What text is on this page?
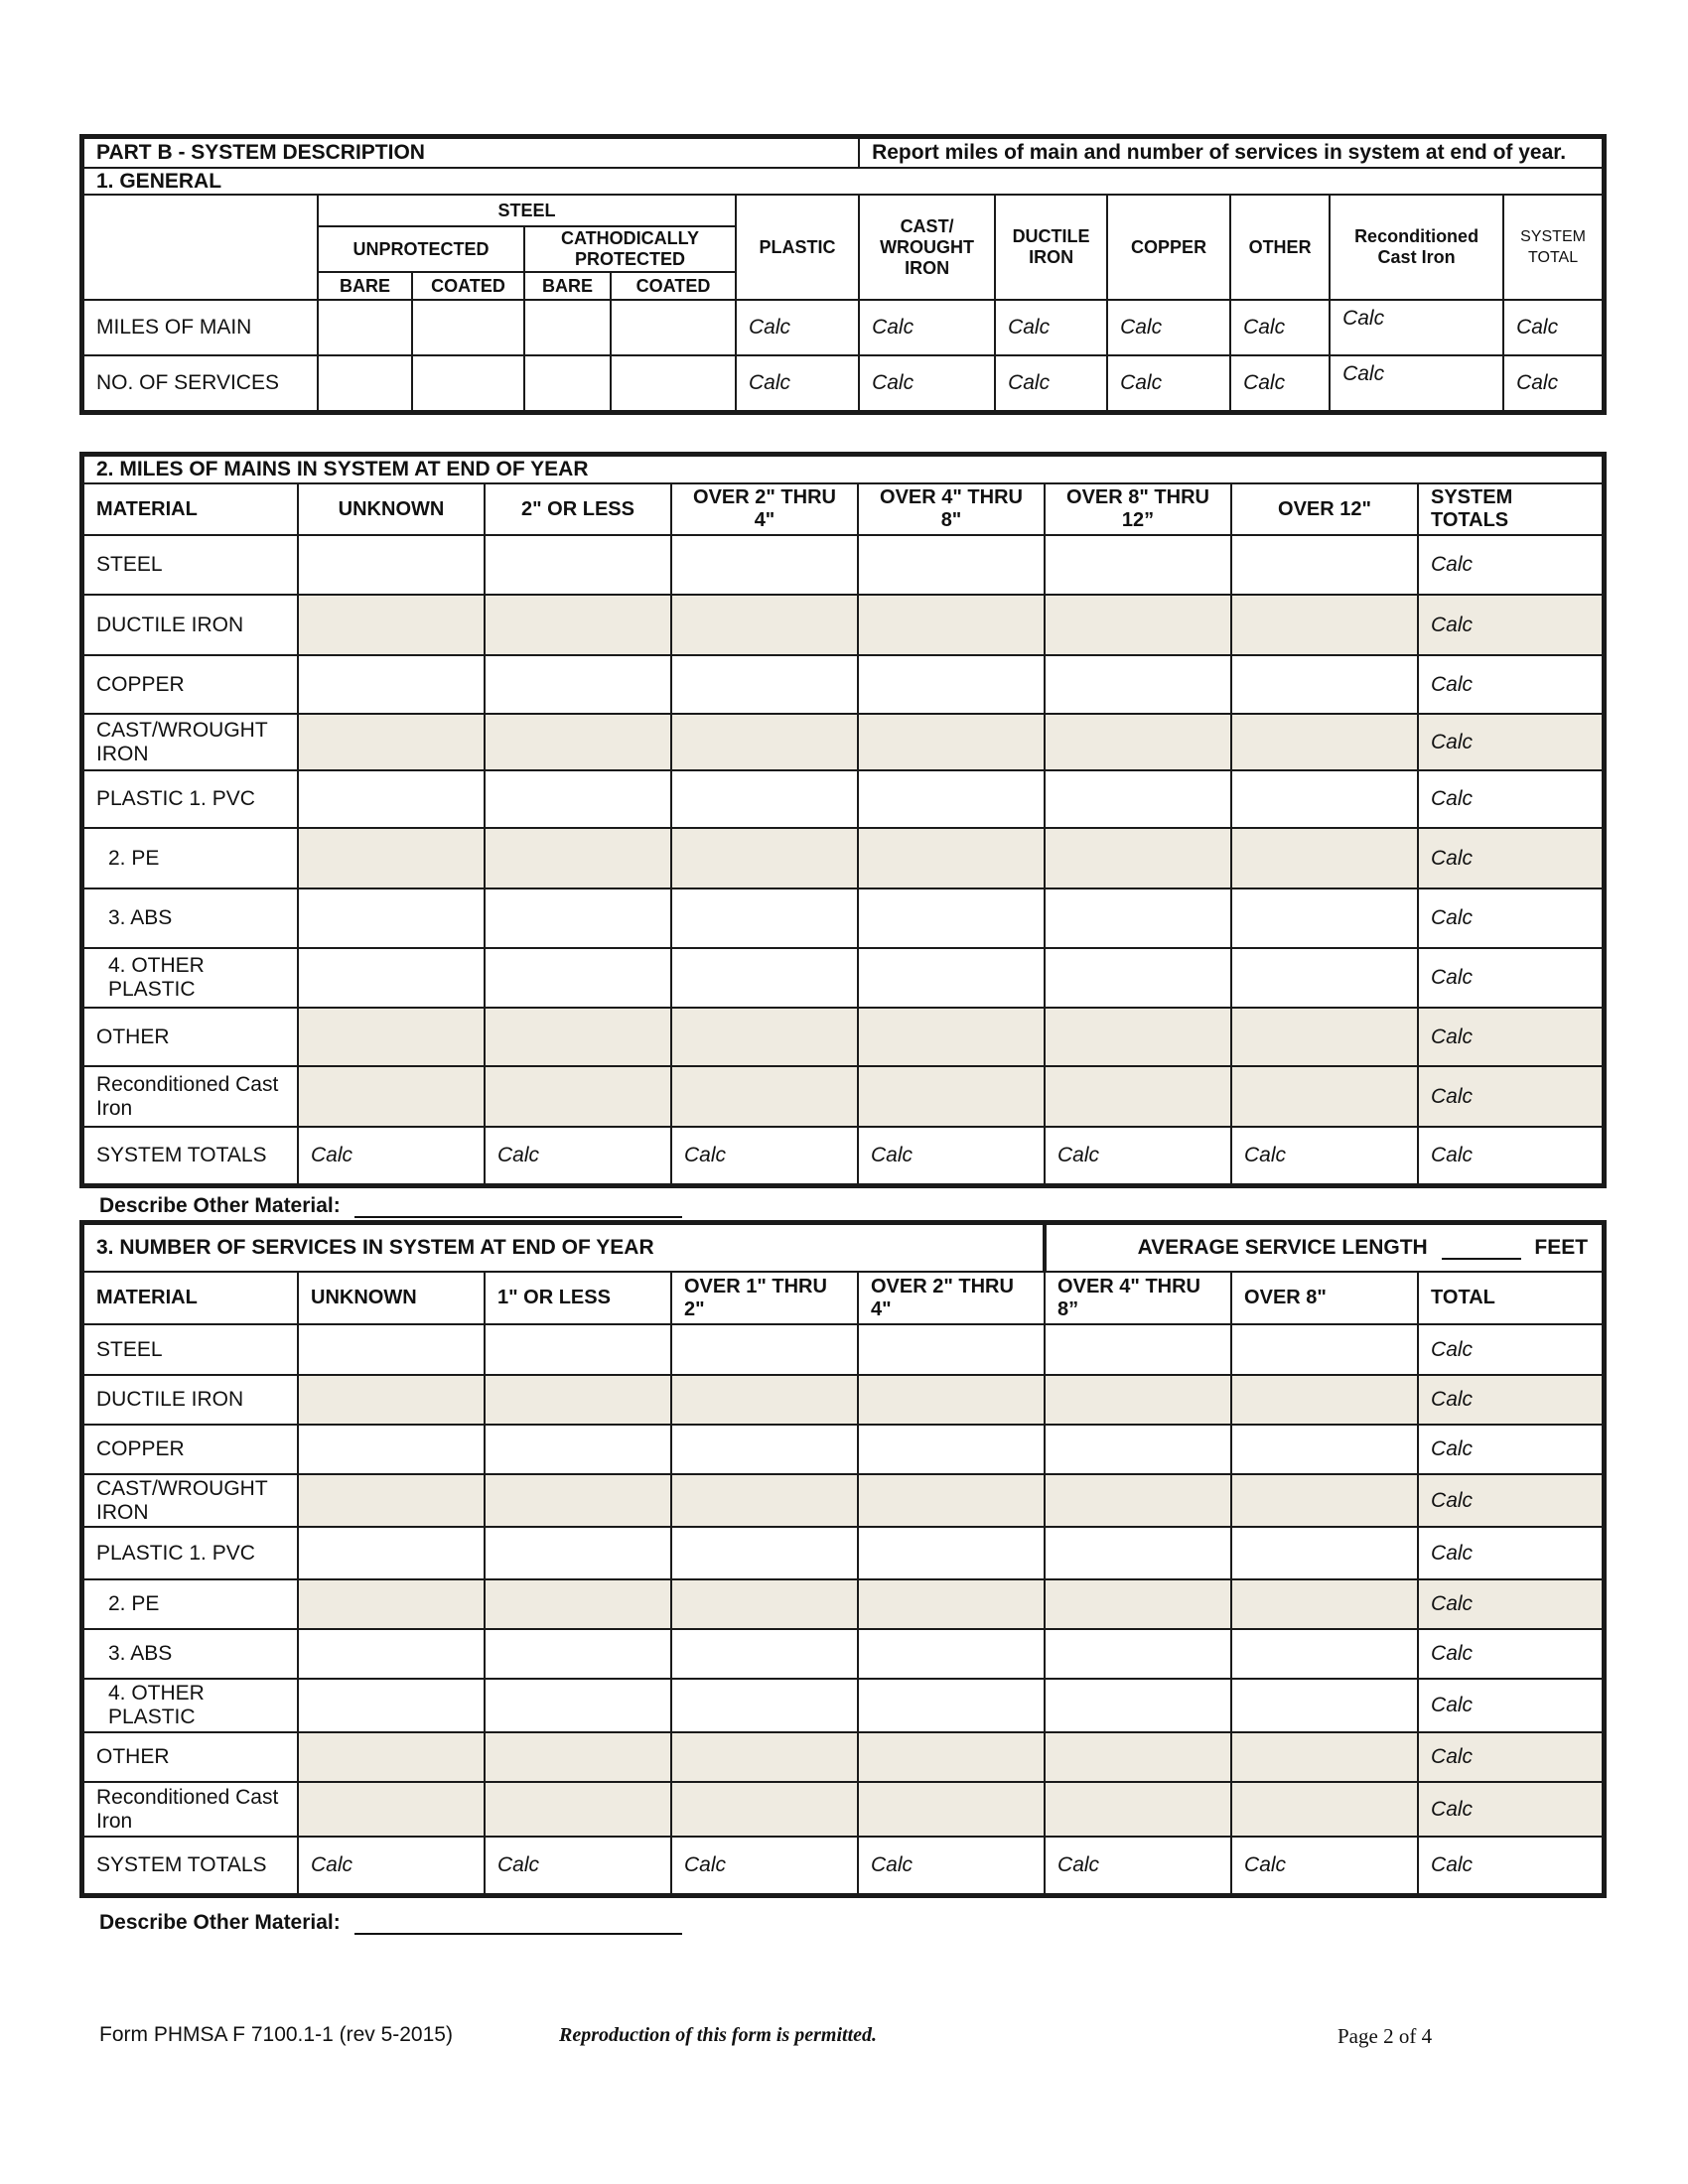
PART B - SYSTEM DESCRIPTION						Report miles of main and number of services in system at end of year.					
1. GENERAL											
	STEEL				PLASTIC	CAST/ WROUGHT IRON	DUCTILE IRON	COPPER	OTHER	Reconditioned Cast Iron	SYSTEM TOTAL
	UNPROTECTED		CATHODICALLY PROTECTED								
	BARE	COATED	BARE	COATED							
MILES OF MAIN					Calc	Calc	Calc	Calc	Calc	Calc	Calc
NO. OF SERVICES					Calc	Calc	Calc	Calc	Calc	Calc	Calc
2. MILES OF MAINS IN SYSTEM AT END OF YEAR							
MATERIAL	UNKNOWN	2" OR LESS	OVER 2" THRU 4"	OVER 4" THRU 8"	OVER 8" THRU 12”	OVER 12"	SYSTEM TOTALS
STEEL							Calc
DUCTILE IRON							Calc
COPPER							Calc
CAST/WROUGHT IRON							Calc
PLASTIC 1. PVC							Calc
2. PE							Calc
3. ABS							Calc
4. OTHER PLASTIC							Calc
OTHER							Calc
Reconditioned Cast Iron							Calc
SYSTEM TOTALS	Calc	Calc	Calc	Calc	Calc	Calc	Calc
Describe Other Material:
3. NUMBER OF SERVICES IN SYSTEM AT END OF YEAR					AVERAGE SERVICE LENGTH FEET		
MATERIAL	UNKNOWN	1" OR LESS	OVER 1" THRU 2"	OVER 2" THRU 4"	OVER 4" THRU 8”	OVER 8"	TOTAL
STEEL							Calc
DUCTILE IRON							Calc
COPPER							Calc
CAST/WROUGHT IRON							Calc
PLASTIC 1. PVC							Calc
2. PE							Calc
3. ABS							Calc
4. OTHER PLASTIC							Calc
OTHER							Calc
Reconditioned Cast Iron							Calc
SYSTEM TOTALS	Calc	Calc	Calc	Calc	Calc	Calc	Calc
Describe Other Material:
Form PHMSA F 7100.1-1 (rev 5-2015)	Reproduction of this form is permitted.	Page 2 of 4
